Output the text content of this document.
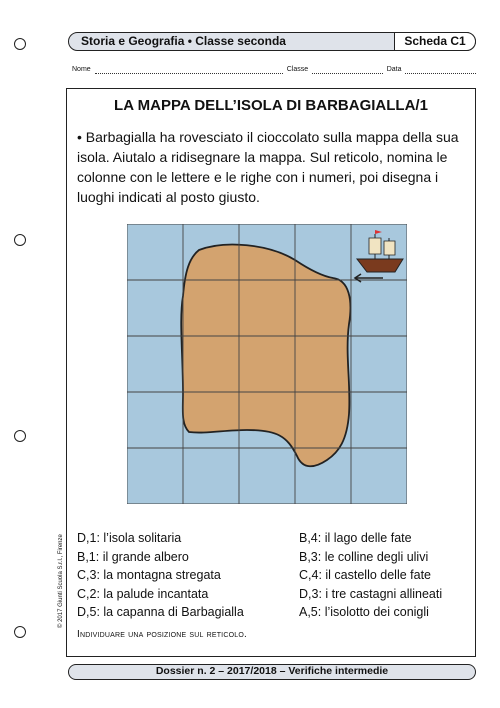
Storia e Geografia • Classe seconda	Scheda C1
Nome	Classe	Data
LA MAPPA DELL’ISOLA DI BARBAGIALLA/1
• Barbagialla ha rovesciato il cioccolato sulla mappa della sua isola. Aiutalo a ridisegnare la mappa. Sul reticolo, nomina le colonne con le lettere e le righe con i numeri, poi disegna i luoghi indicati al posto giusto.
D,1: l’isola solitaria	B,4: il lago delle fate
B,1: il grande albero	B,3: le colline degli ulivi
C,3: la montagna stregata	C,4: il castello delle fate
C,2: la palude incantata	D,3: i tre castagni allineati
D,5: la capanna di Barbagialla	A,5: l’isolotto dei conigli
Individuare una posizione sul reticolo.
© 2017 Giunti Scuola S.r.l., Firenze
Dossier n. 2 – 2017/2018 – Verifiche intermedie
